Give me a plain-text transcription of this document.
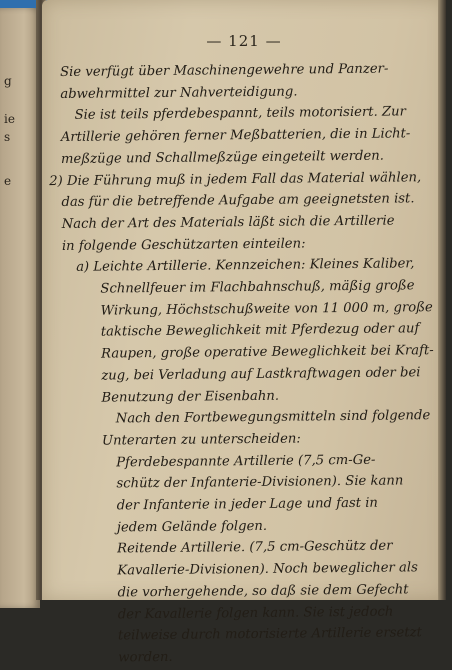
g
ie
s
e
— 121 —
Sie verfügt über Maschinengewehre und Panzer-
abwehrmittel zur Nahverteidigung.
Sie ist teils pferdebespannt, teils motorisiert. Zur
Artillerie gehören ferner Meßbatterien, die in Licht-
meßzüge und Schallmeßzüge eingeteilt werden.
2) Die Führung muß in jedem Fall das Material wählen,
das für die betreffende Aufgabe am geeignetsten ist.
Nach der Art des Materials läßt sich die Artillerie
in folgende Geschützarten einteilen:
a) Leichte Artillerie. Kennzeichen: Kleines Kaliber,
Schnellfeuer im Flachbahnschuß, mäßig große
Wirkung, Höchstschußweite von 11 000 m, große
taktische Beweglichkeit mit Pferdezug oder auf
Raupen, große operative Beweglichkeit bei Kraft-
zug, bei Verladung auf Lastkraftwagen oder bei
Benutzung der Eisenbahn.
Nach den Fortbewegungsmitteln sind folgende
Unterarten zu unterscheiden:
Pferdebespannte Artillerie (7,5 cm-Ge-
schütz der Infanterie-Divisionen). Sie kann
der Infanterie in jeder Lage und fast in
jedem Gelände folgen.
Reitende Artillerie. (7,5 cm-Geschütz der
Kavallerie-Divisionen). Noch beweglicher als
die vorhergehende, so daß sie dem Gefecht
der Kavallerie folgen kann. Sie ist jedoch
teilweise durch motorisierte Artillerie ersetzt
worden.
